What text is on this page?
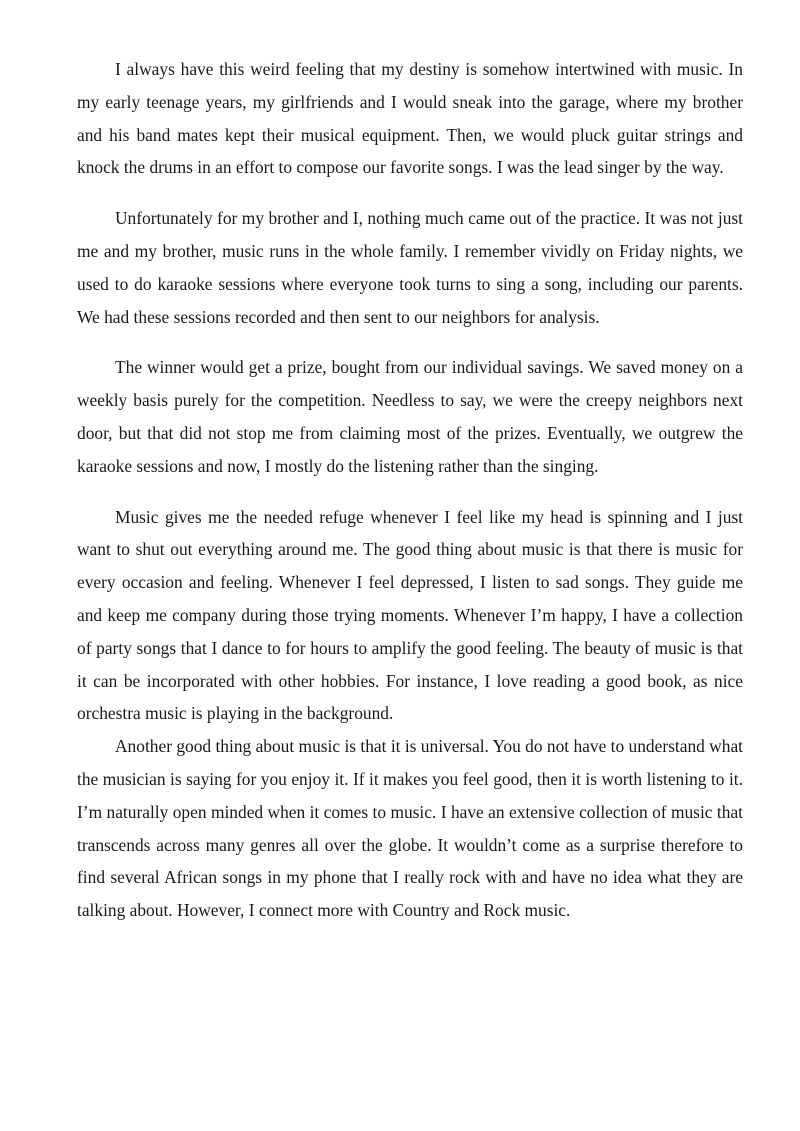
I always have this weird feeling that my destiny is somehow intertwined with music. In my early teenage years, my girlfriends and I would sneak into the garage, where my brother and his band mates kept their musical equipment. Then, we would pluck guitar strings and knock the drums in an effort to compose our favorite songs. I was the lead singer by the way.

Unfortunately for my brother and I, nothing much came out of the practice. It was not just me and my brother, music runs in the whole family. I remember vividly on Friday nights, we used to do karaoke sessions where everyone took turns to sing a song, including our parents. We had these sessions recorded and then sent to our neighbors for analysis.

The winner would get a prize, bought from our individual savings. We saved money on a weekly basis purely for the competition. Needless to say, we were the creepy neighbors next door, but that did not stop me from claiming most of the prizes. Eventually, we outgrew the karaoke sessions and now, I mostly do the listening rather than the singing.

Music gives me the needed refuge whenever I feel like my head is spinning and I just want to shut out everything around me. The good thing about music is that there is music for every occasion and feeling. Whenever I feel depressed, I listen to sad songs. They guide me and keep me company during those trying moments. Whenever I’m happy, I have a collection of party songs that I dance to for hours to amplify the good feeling. The beauty of music is that it can be incorporated with other hobbies. For instance, I love reading a good book, as nice orchestra music is playing in the background.

Another good thing about music is that it is universal. You do not have to understand what the musician is saying for you enjoy it. If it makes you feel good, then it is worth listening to it. I’m naturally open minded when it comes to music. I have an extensive collection of music that transcends across many genres all over the globe. It wouldn’t come as a surprise therefore to find several African songs in my phone that I really rock with and have no idea what they are talking about. However, I connect more with Country and Rock music.
